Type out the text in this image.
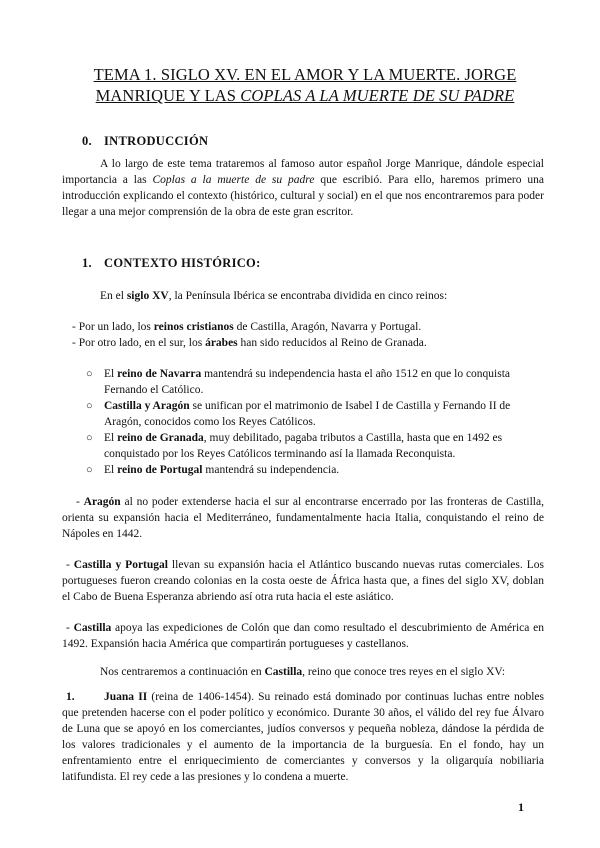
TEMA 1. SIGLO XV. EN EL AMOR Y LA MUERTE. JORGE
MANRIQUE Y LAS COPLAS A LA MUERTE DE SU PADRE
0. INTRODUCCIÓN
A lo largo de este tema trataremos al famoso autor español Jorge Manrique, dándole especial importancia a las Coplas a la muerte de su padre que escribió. Para ello, haremos primero una introducción explicando el contexto (histórico, cultural y social) en el que nos encontraremos para poder llegar a una mejor comprensión de la obra de este gran escritor.
1. CONTEXTO HISTÓRICO:
En el siglo XV, la Península Ibérica se encontraba dividida en cinco reinos:
- Por un lado, los reinos cristianos de Castilla, Aragón, Navarra y Portugal.
- Por otro lado, en el sur, los árabes han sido reducidos al Reino de Granada.
○ El reino de Navarra mantendrá su independencia hasta el año 1512 en que lo conquista Fernando el Católico.
○ Castilla y Aragón se unifican por el matrimonio de Isabel I de Castilla y Fernando II de Aragón, conocidos como los Reyes Católicos.
○ El reino de Granada, muy debilitado, pagaba tributos a Castilla, hasta que en 1492 es conquistado por los Reyes Católicos terminando así la llamada Reconquista.
○ El reino de Portugal mantendrá su independencia.
- Aragón al no poder extenderse hacia el sur al encontrarse encerrado por las fronteras de Castilla, orienta su expansión hacia el Mediterráneo, fundamentalmente hacia Italia, conquistando el reino de Nápoles en 1442.
- Castilla y Portugal llevan su expansión hacia el Atlántico buscando nuevas rutas comerciales. Los portugueses fueron creando colonias en la costa oeste de África hasta que, a fines del siglo XV, doblan el Cabo de Buena Esperanza abriendo así otra ruta hacia el este asiático.
- Castilla apoya las expediciones de Colón que dan como resultado el descubrimiento de América en 1492. Expansión hacia América que compartirán portugueses y castellanos.
Nos centraremos a continuación en Castilla, reino que conoce tres reyes en el siglo XV:
1.	Juana II (reina de 1406-1454). Su reinado está dominado por continuas luchas entre nobles que pretenden hacerse con el poder político y económico. Durante 30 años, el válido del rey fue Álvaro de Luna que se apoyó en los comerciantes, judíos conversos y pequeña nobleza, dándose la pérdida de los valores tradicionales y el aumento de la importancia de la burguesía. En el fondo, hay un enfrentamiento entre el enriquecimiento de comerciantes y conversos y la oligarquía nobiliaria latifundista. El rey cede a las presiones y lo condena a muerte.
1
